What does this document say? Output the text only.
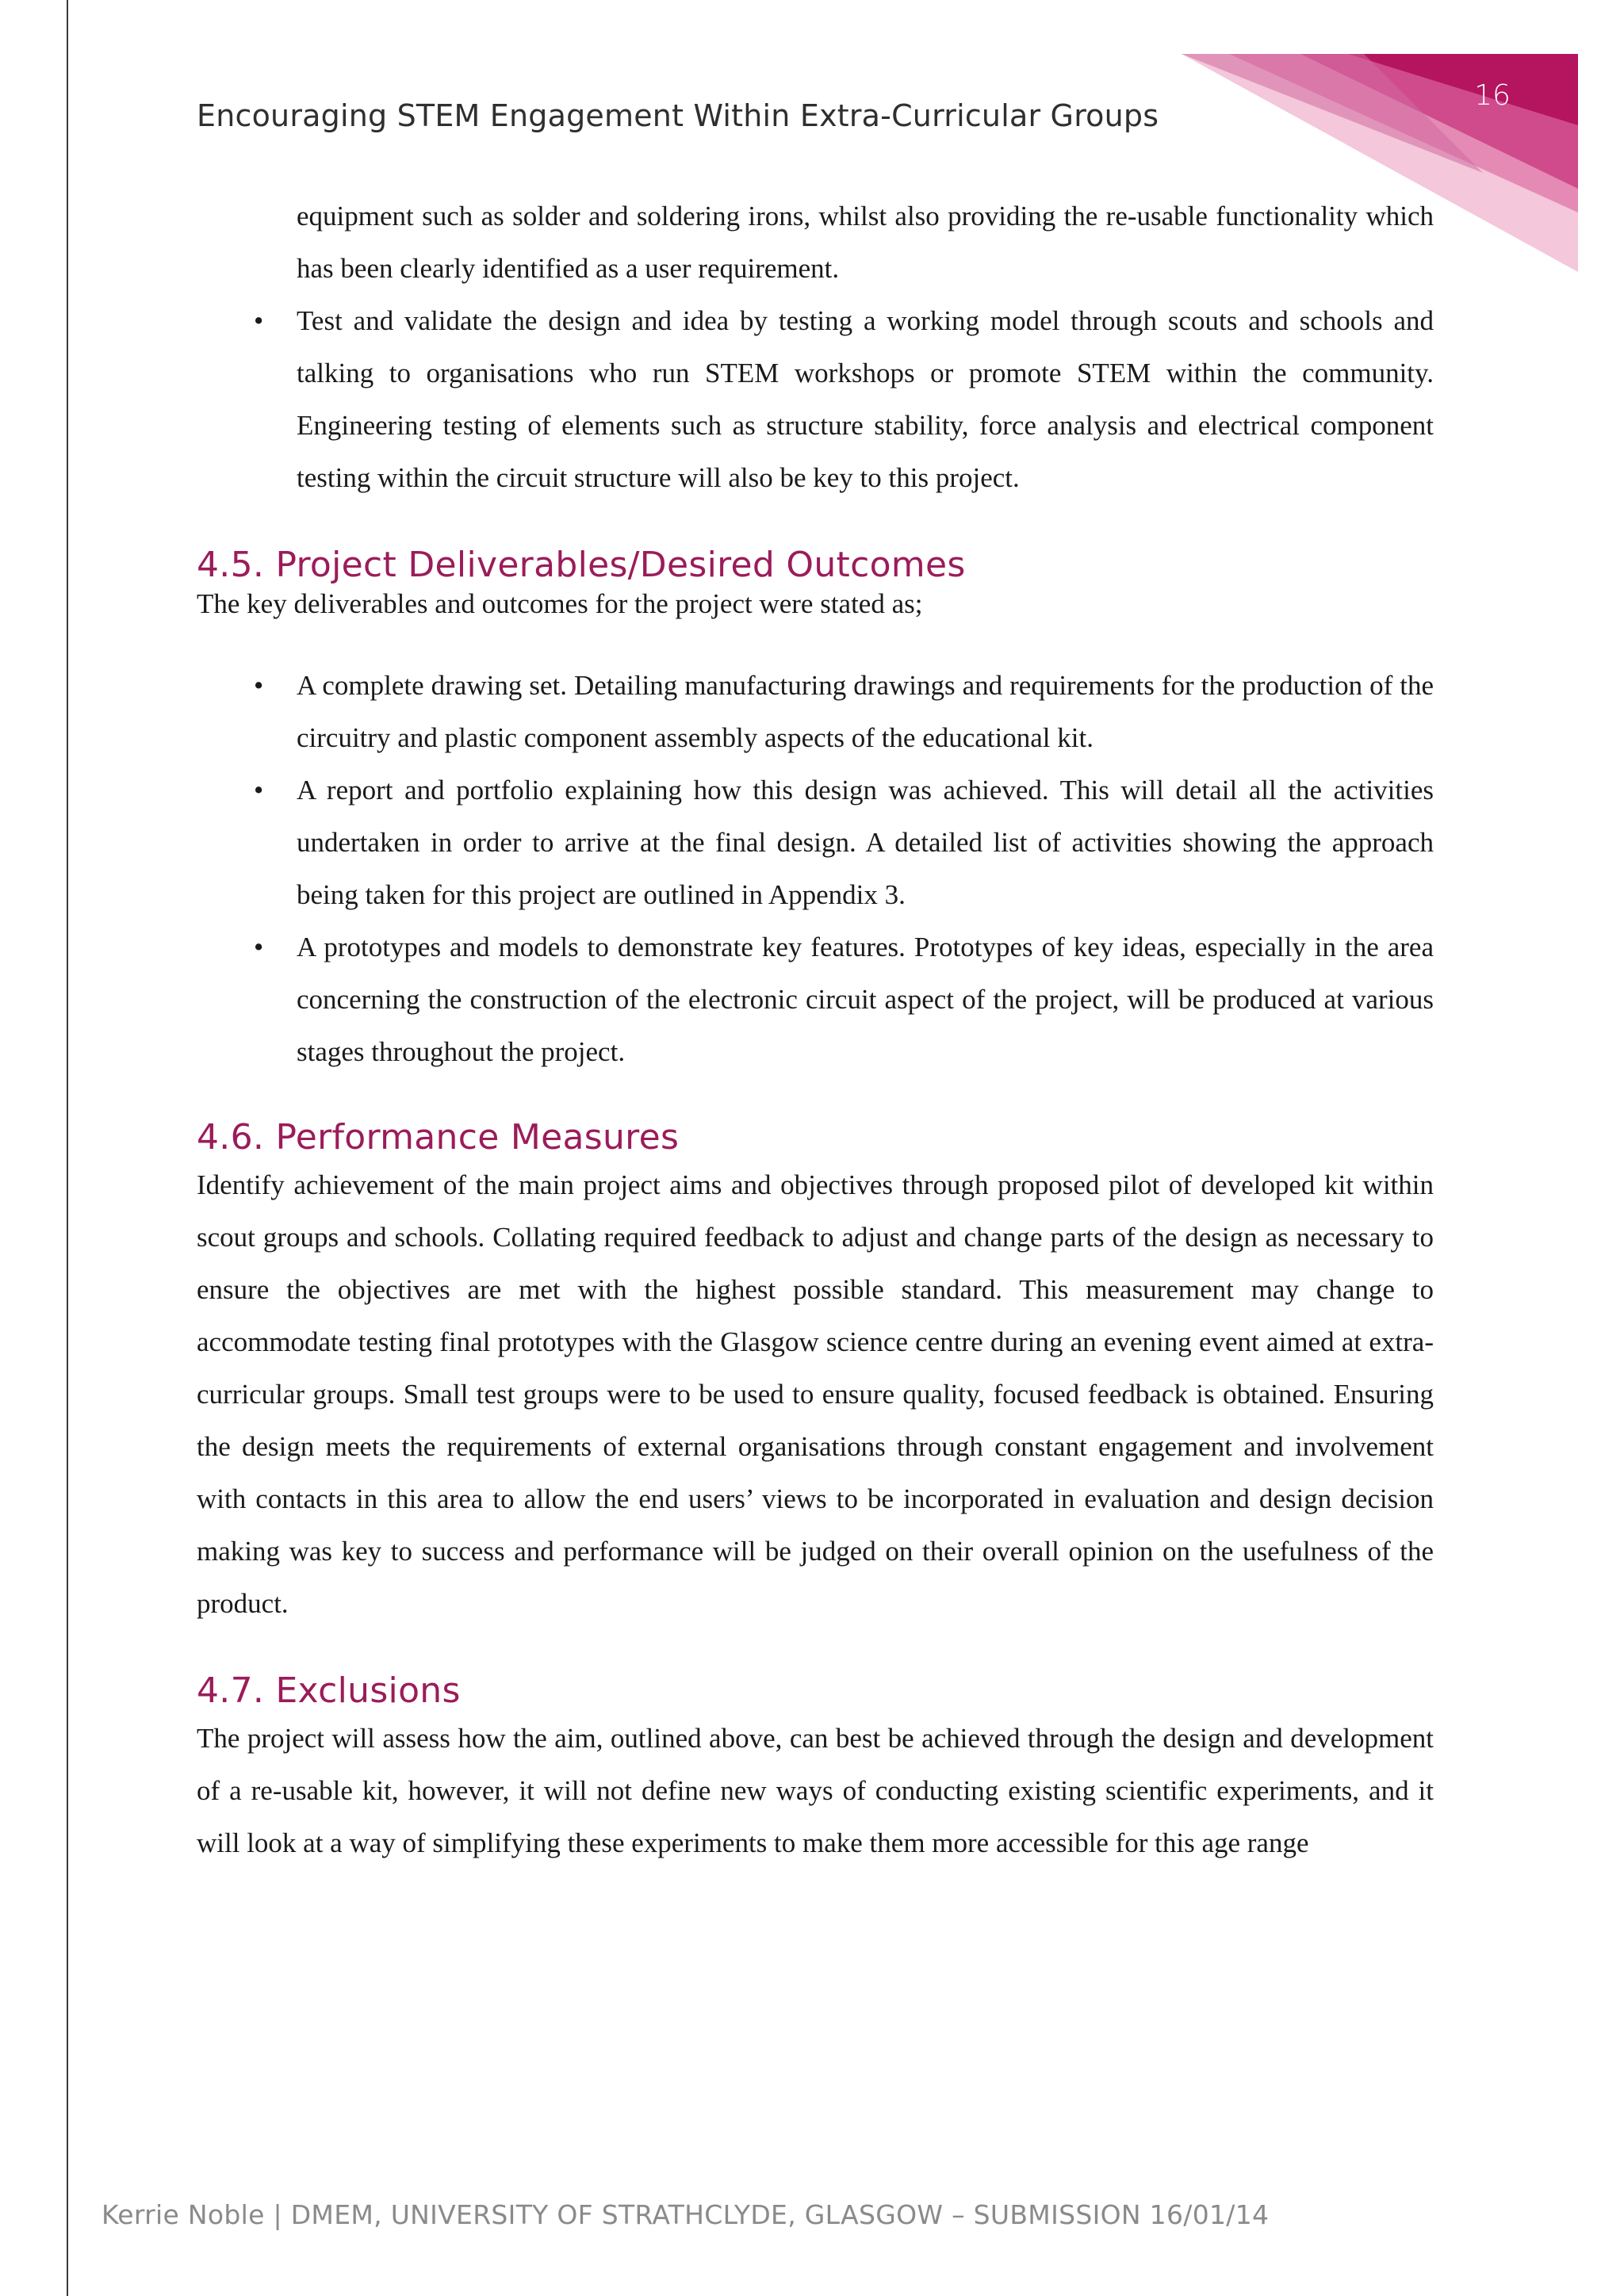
16
Encouraging STEM Engagement Within Extra-Curricular Groups

equipment such as solder and soldering irons, whilst also providing the re-usable functionality which has been clearly identified as a user requirement.

• Test and validate the design and idea by testing a working model through scouts and schools and talking to organisations who run STEM workshops or promote STEM within the community. Engineering testing of elements such as structure stability, force analysis and electrical component testing within the circuit structure will also be key to this project.
4.5. Project Deliverables/Desired Outcomes

The key deliverables and outcomes for the project were stated as;

• A complete drawing set. Detailing manufacturing drawings and requirements for the production of the circuitry and plastic component assembly aspects of the educational kit.
• A report and portfolio explaining how this design was achieved. This will detail all the activities undertaken in order to arrive at the final design. A detailed list of activities showing the approach being taken for this project are outlined in Appendix 3.
• A prototypes and models to demonstrate key features. Prototypes of key ideas, especially in the area concerning the construction of the electronic circuit aspect of the project, will be produced at various stages throughout the project.
4.6. Performance Measures

Identify achievement of the main project aims and objectives through proposed pilot of developed kit within scout groups and schools. Collating required feedback to adjust and change parts of the design as necessary to ensure the objectives are met with the highest possible standard. This measurement may change to accommodate testing final prototypes with the Glasgow science centre during an evening event aimed at extra-curricular groups. Small test groups were to be used to ensure quality, focused feedback is obtained. Ensuring the design meets the requirements of external organisations through constant engagement and involvement with contacts in this area to allow the end users’ views to be incorporated in evaluation and design decision making was key to success and performance will be judged on their overall opinion on the usefulness of the product.

4.7. Exclusions

The project will assess how the aim, outlined above, can best be achieved through the design and development of a re-usable kit, however, it will not define new ways of conducting existing scientific experiments, and it will look at a way of simplifying these experiments to make them more accessible for this age range

Kerrie Noble | DMEM, UNIVERSITY OF STRATHCLYDE, GLASGOW – SUBMISSION 16/01/14
